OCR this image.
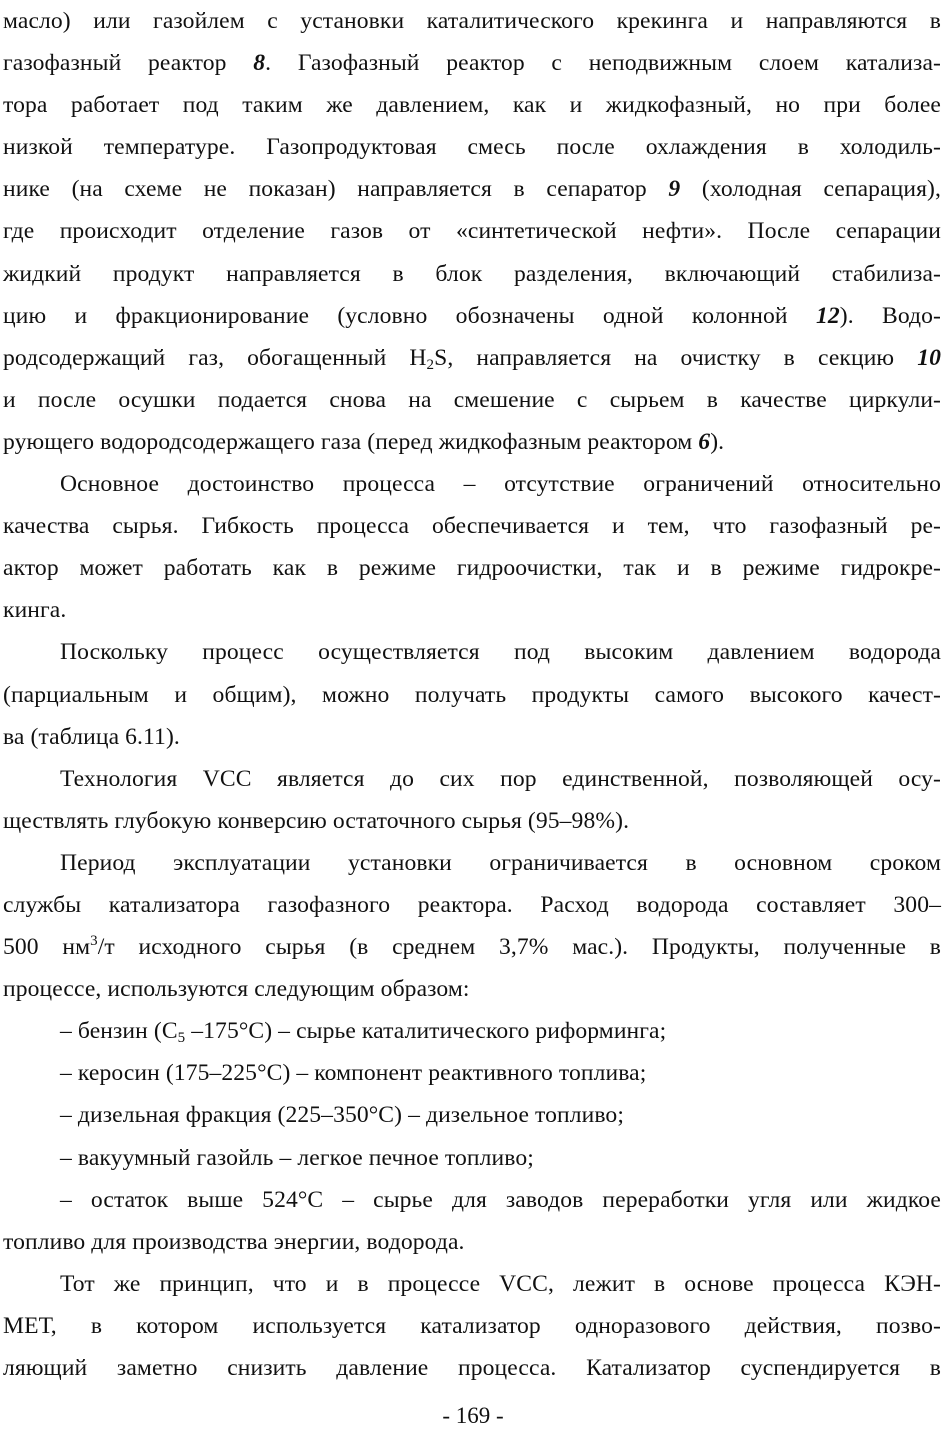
масло) или газойлем с установки каталитического крекинга и направляются в
газофазный реактор 8. Газофазный реактор с неподвижным слоем катализа-
тора работает под таким же давлением, как и жидкофазный, но при более
низкой температуре. Газопродуктовая смесь после охлаждения в холодиль-
нике (на схеме не показан) направляется в сепаратор 9 (холодная сепарация),
где происходит отделение газов от «синтетической нефти». После сепарации
жидкий продукт направляется в блок разделения, включающий стабилиза-
цию и фракционирование (условно обозначены одной колонной 12). Водо-
родсодержащий газ, обогащенный $H_2S$, направляется на очистку в секцию 10
и после осушки подается снова на смешение с сырьем в качестве циркули-
рующего водородсодержащего газа (перед жидкофазным реактором 6).
Основное достоинство процесса – отсутствие ограничений относительно
качества сырья. Гибкость процесса обеспечивается и тем, что газофазный ре-
актор может работать как в режиме гидроочистки, так и в режиме гидрокре-
кинга.
Поскольку процесс осуществляется под высоким давлением водорода
(парциальным и общим), можно получать продукты самого высокого качест-
ва (таблица 6.11).
Технология VCC является до сих пор единственной, позволяющей осу-
ществлять глубокую конверсию остаточного сырья (95–98%).
Период эксплуатации установки ограничивается в основном сроком
службы катализатора газофазного реактора. Расход водорода составляет 300–
500 $нм^3/т$ исходного сырья (в среднем 3,7% мас.). Продукты, полученные в
процессе, используются следующим образом:
– бензин ($C_5$ –175°C) – сырье каталитического риформинга;
– керосин (175–225°C) – компонент реактивного топлива;
– дизельная фракция (225–350°C) – дизельное топливо;
– вакуумный газойль – легкое печное топливо;
– остаток выше 524°C – сырье для заводов переработки угля или жидкое
топливо для производства энергии, водорода.
Тот же принцип, что и в процессе VCC, лежит в основе процесса КЭН-
МЕТ, в котором используется катализатор одноразового действия, позво-
ляющий заметно снизить давление процесса. Катализатор суспендируется в
- 169 -
